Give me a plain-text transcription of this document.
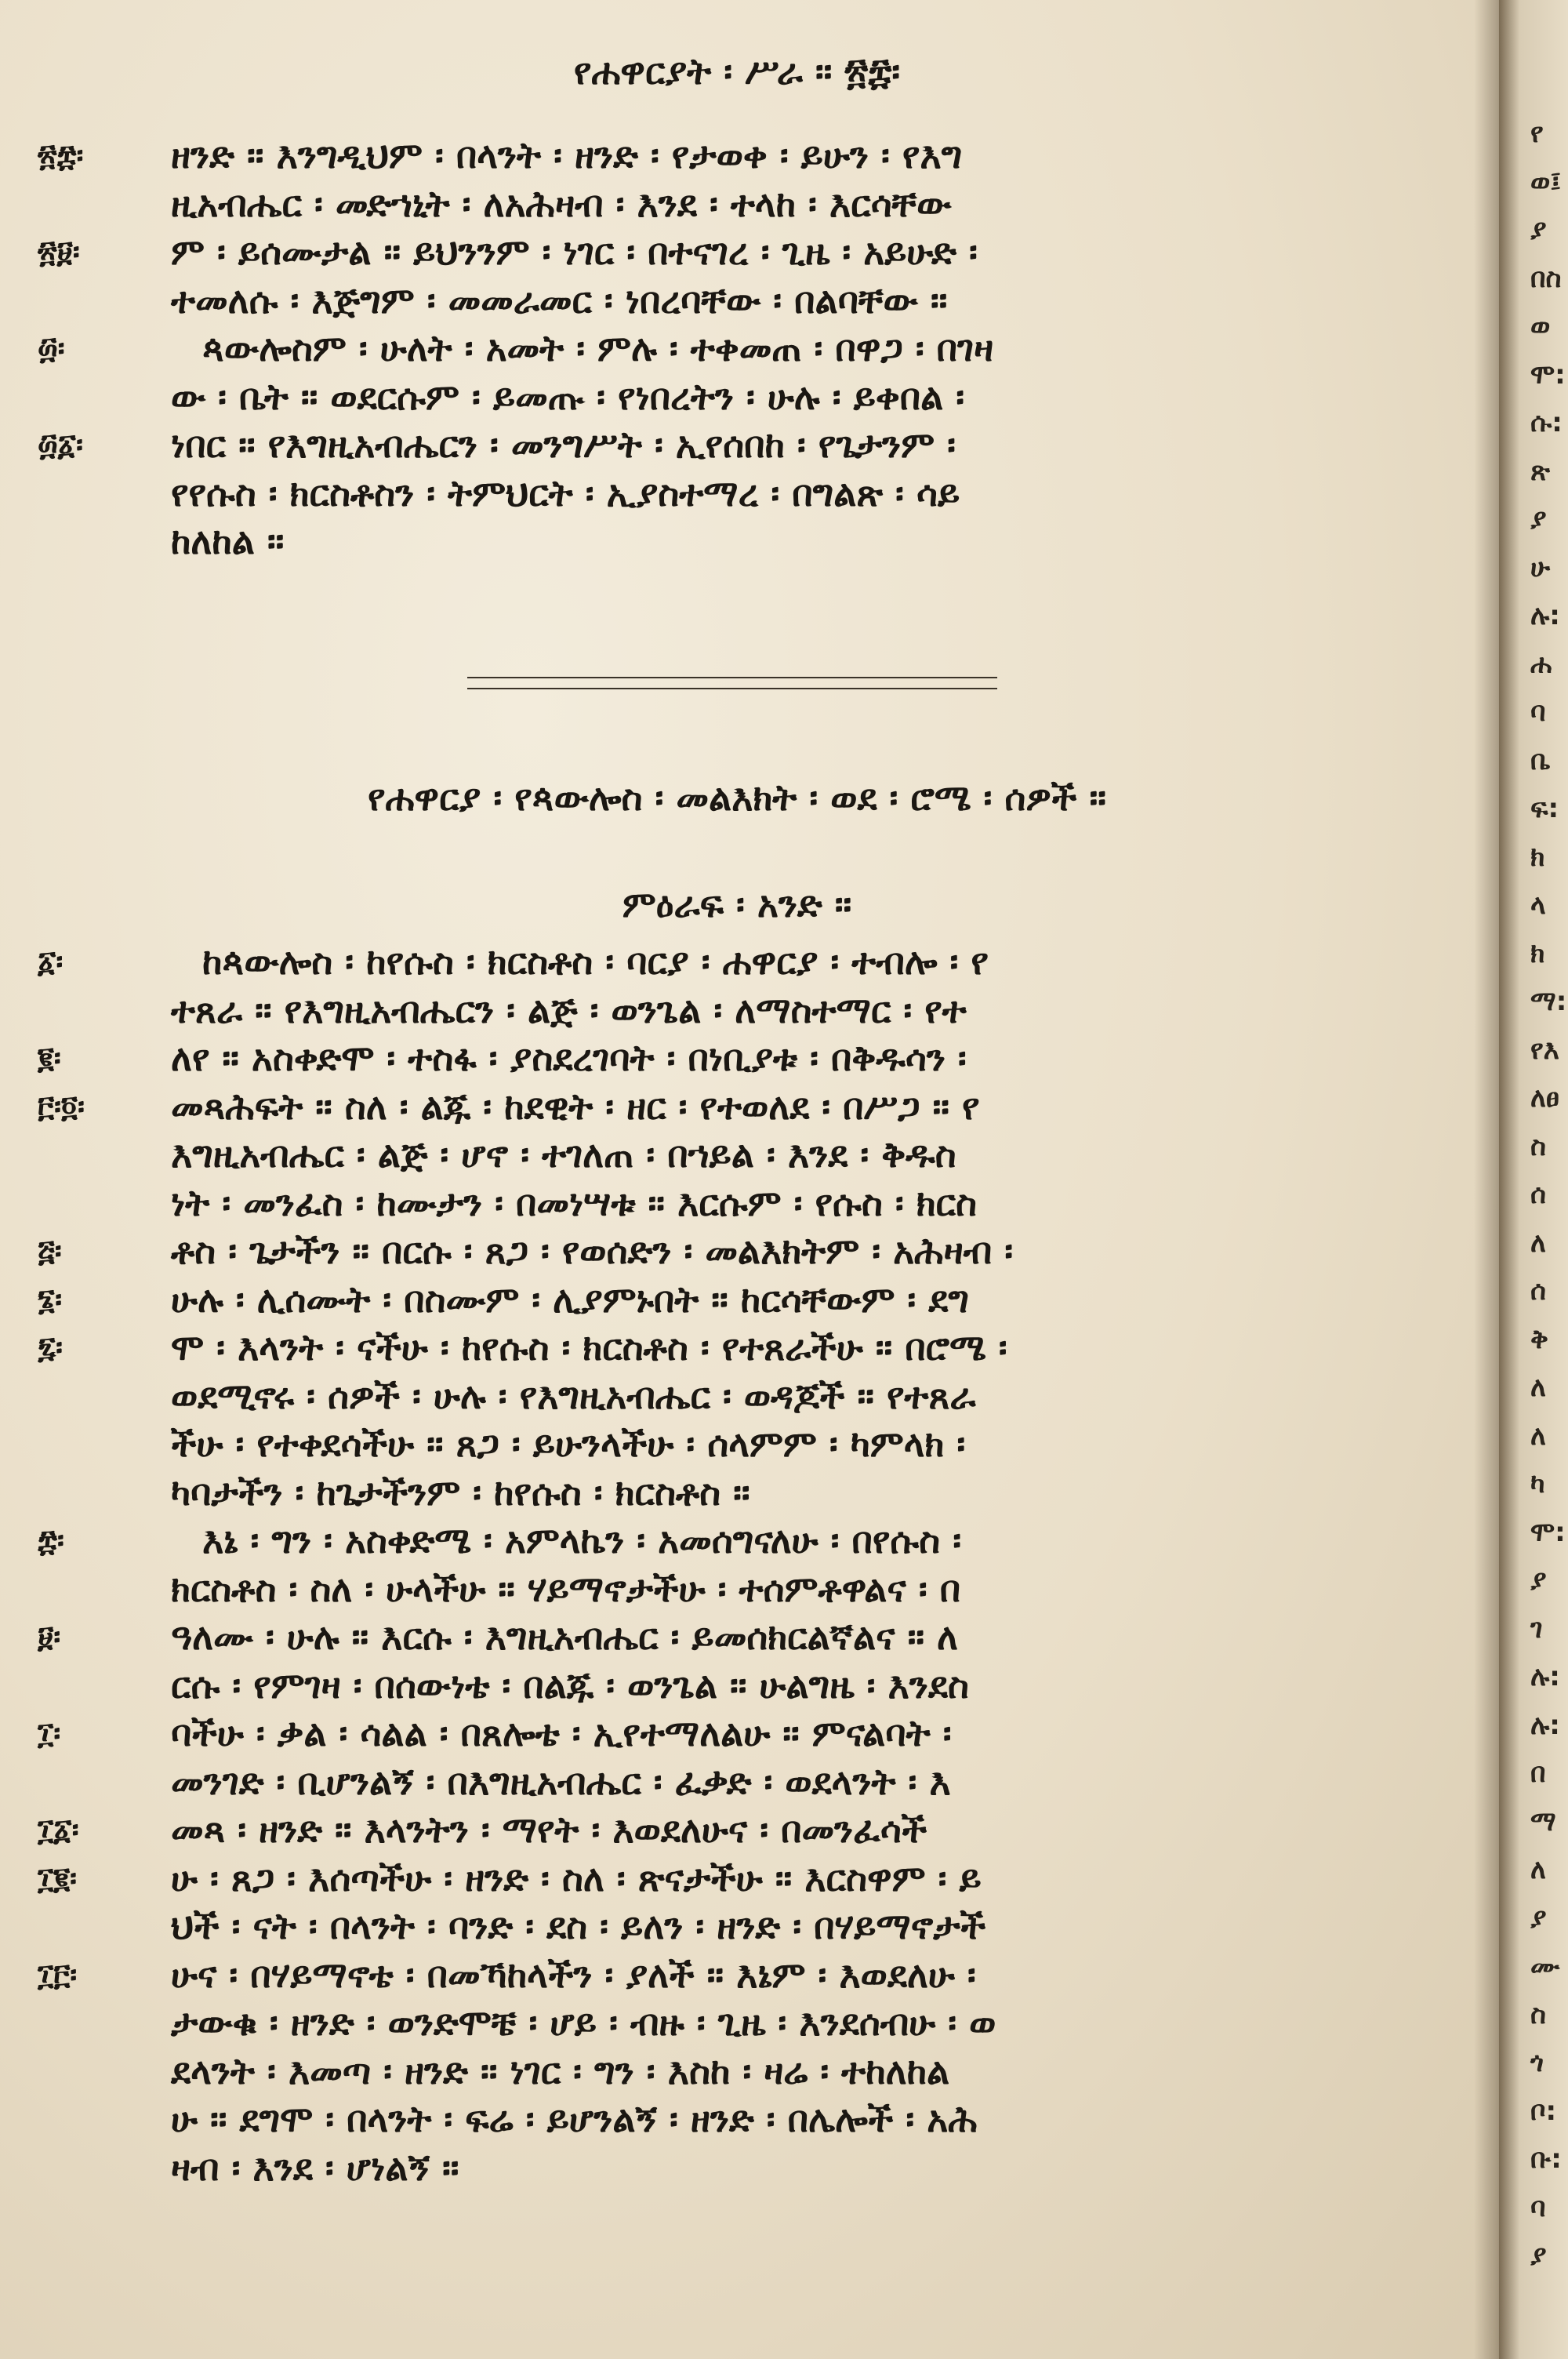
የሐዋርያት ፡ ሥራ ። ፳፰፡
፳፰፡ ዘንድ ። እንግዲህም ፡ በላንት ፡ ዘንድ ፡ የታወቀ ፡ ይሁን ፡ የእግ
ዚአብሔር ፡ መድኀኒት ፡ ለአሕዛብ ፡ እንደ ፡ ተላከ ፡ እርሳቸው
፳፱፡	ም ፡ ይሰሙታል ። ይህንንም ፡ ነገር ፡ በተናገረ ፡ ጊዜ ፡ አይሁድ ፡
ተመለሱ ፡ እጅግም ፡ መመራመር ፡ ነበረባቸው ፡ በልባቸው ።
፴፡	ጳውሎስም ፡ ሁለት ፡ አመት ፡ ምሉ ፡ ተቀመጠ ፡ በዋጋ ፡ በገዛ
ው ፡ ቤት ። ወደርሱም ፡ ይመጡ ፡ የነበረትን ፡ ሁሉ ፡ ይቀበል ፡
፴፩፡ ነበር ። የእግዚአብሔርን ፡ መንግሥት ፡ ኢየሰበከ ፡ የጌታንም ፡
የየሱስ ፡ ክርስቶስን ፡ ትምህርት ፡ ኢያስተማረ ፡ በግልጽ ፡ ሳይ
ከለከል ።
የሐዋርያ ፡ የጳውሎስ ፡ መልእክት ፡ ወደ ፡ ሮሜ ፡ ሰዎች ።
ምዕራፍ ፡ አንድ ።
፩፡	ከጳውሎስ ፡ ከየሱስ ፡ ክርስቶስ ፡ ባርያ ፡ ሐዋርያ ፡ ተብሎ ፡ የ
ተጸራ ። የእግዚአብሔርን ፡ ልጅ ፡ ወንጌል ፡ ለማስተማር ፡ የተ
፪፡	ለየ ። አስቀድሞ ፡ ተስፋ ፡ ያስደረገባት ፡ በነቢያቱ ፡ በቅዱሳን ፡
፫፡፬፡ መጻሕፍት ። ስለ ፡ ልጁ ፡ ከደዊት ፡ ዘር ፡ የተወለደ ፡ በሥጋ ። የ
እግዚአብሔር ፡ ልጅ ፡ ሆኖ ፡ ተገለጠ ፡ በኀይል ፡ እንደ ፡ ቅዱስ
ነት ፡ መንፈስ ፡ ከሙታን ፡ በመነሣቱ ። እርሱም ፡ የሱስ ፡ ክርስ
፭፡	ቶስ ፡ ጌታችን ። በርሱ ፡ ጸጋ ፡ የወሰድን ፡ መልእክትም ፡ አሕዛብ ፡
፮፡	ሁሉ ፡ ሊሰሙት ፡ በስሙም ፡ ሊያምኑበት ። ከርሳቸውም ፡ ደግ
፯፡	ሞ ፡ እላንት ፡ ናችሁ ፡ ከየሱስ ፡ ክርስቶስ ፡ የተጸራችሁ ። በሮሜ ፡
ወደሚኖሩ ፡ ሰዎች ፡ ሁሉ ፡ የእግዚአብሔር ፡ ወዳጆች ። የተጸራ
ችሁ ፡ የተቀደሳችሁ ። ጸጋ ፡ ይሁንላችሁ ፡ ሰላምም ፡ ካምላክ ፡
ካባታችን ፡ ከጌታችንም ፡ ከየሱስ ፡ ክርስቶስ ።
፰፡	እኔ ፡ ግን ፡ አስቀድሜ ፡ አምላኬን ፡ አመሰግናለሁ ፡ በየሱስ ፡
ክርስቶስ ፡ ስለ ፡ ሁላችሁ ። ሃይማኖታችሁ ፡ ተሰምቶዋልና ፡ በ
፱፡	ዓለሙ ፡ ሁሉ ። እርሱ ፡ እግዚአብሔር ፡ ይመሰክርልኛልና ። ለ
ርሱ ፡ የምገዛ ፡ በሰውነቴ ፡ በልጁ ፡ ወንጌል ። ሁልግዜ ፡ እንደስ
፲፡	ባችሁ ፡ ቃል ፡ ሳልል ፡ በጸሎቴ ፡ ኢየተማለልሁ ። ምናልባት ፡
መንገድ ፡ ቢሆንልኝ ፡ በእግዚአብሔር ፡ ፈቃድ ፡ ወደላንት ፡ እ
፲፩፡	መጻ ፡ ዘንድ ። እላንትን ፡ ማየት ፡ እወደለሁና ፡ በመንፈሳች
፲፪፡	ሁ ፡ ጸጋ ፡ እሰጣችሁ ፡ ዘንድ ፡ ስለ ፡ ጽናታችሁ ። እርስዋም ፡ ይ
ህች ፡ ናት ፡ በላንት ፡ ባንድ ፡ ደስ ፡ ይለን ፡ ዘንድ ፡ በሃይማኖታች
፲፫፡	ሁና ፡ በሃይማኖቴ ፡ በመኻከላችን ፡ ያለች ። እኔም ፡ እወደለሁ ፡
ታውቁ ፡ ዘንድ ፡ ወንድሞቼ ፡ ሆይ ፡ ብዙ ፡ ጊዜ ፡ እንደሰብሁ ፡ ወ
ደላንት ፡ እመጣ ፡ ዘንድ ። ነገር ፡ ግን ፡ እስከ ፡ ዛሬ ፡ ተከለከል
ሁ ። ደግሞ ፡ በላንት ፡ ፍሬ ፡ ይሆንልኝ ፡ ዘንድ ፡ በሌሎች ፡ አሕ
ዛብ ፡ እንደ ፡ ሆነልኝ ።
የ
ወ፤
ያ
በስ
ወ
ሞ:
ሱ:
ጽ
ያ
ሁ
ሉ:
ሐ
ባ
ቤ
ፍ:
ክ
ላ
ክ
ማ:
የእ
ለፀ
ስ
ሰ
ለ
ሰ
ቅ
ለ
ለ
ካ
ሞ:
ያ
ገ
ሉ:
ሉ:
በ
ማ
ለ
ያ
ሙ
ስ
ጎ
ቦ:
ቡ:
ባ
ያ
